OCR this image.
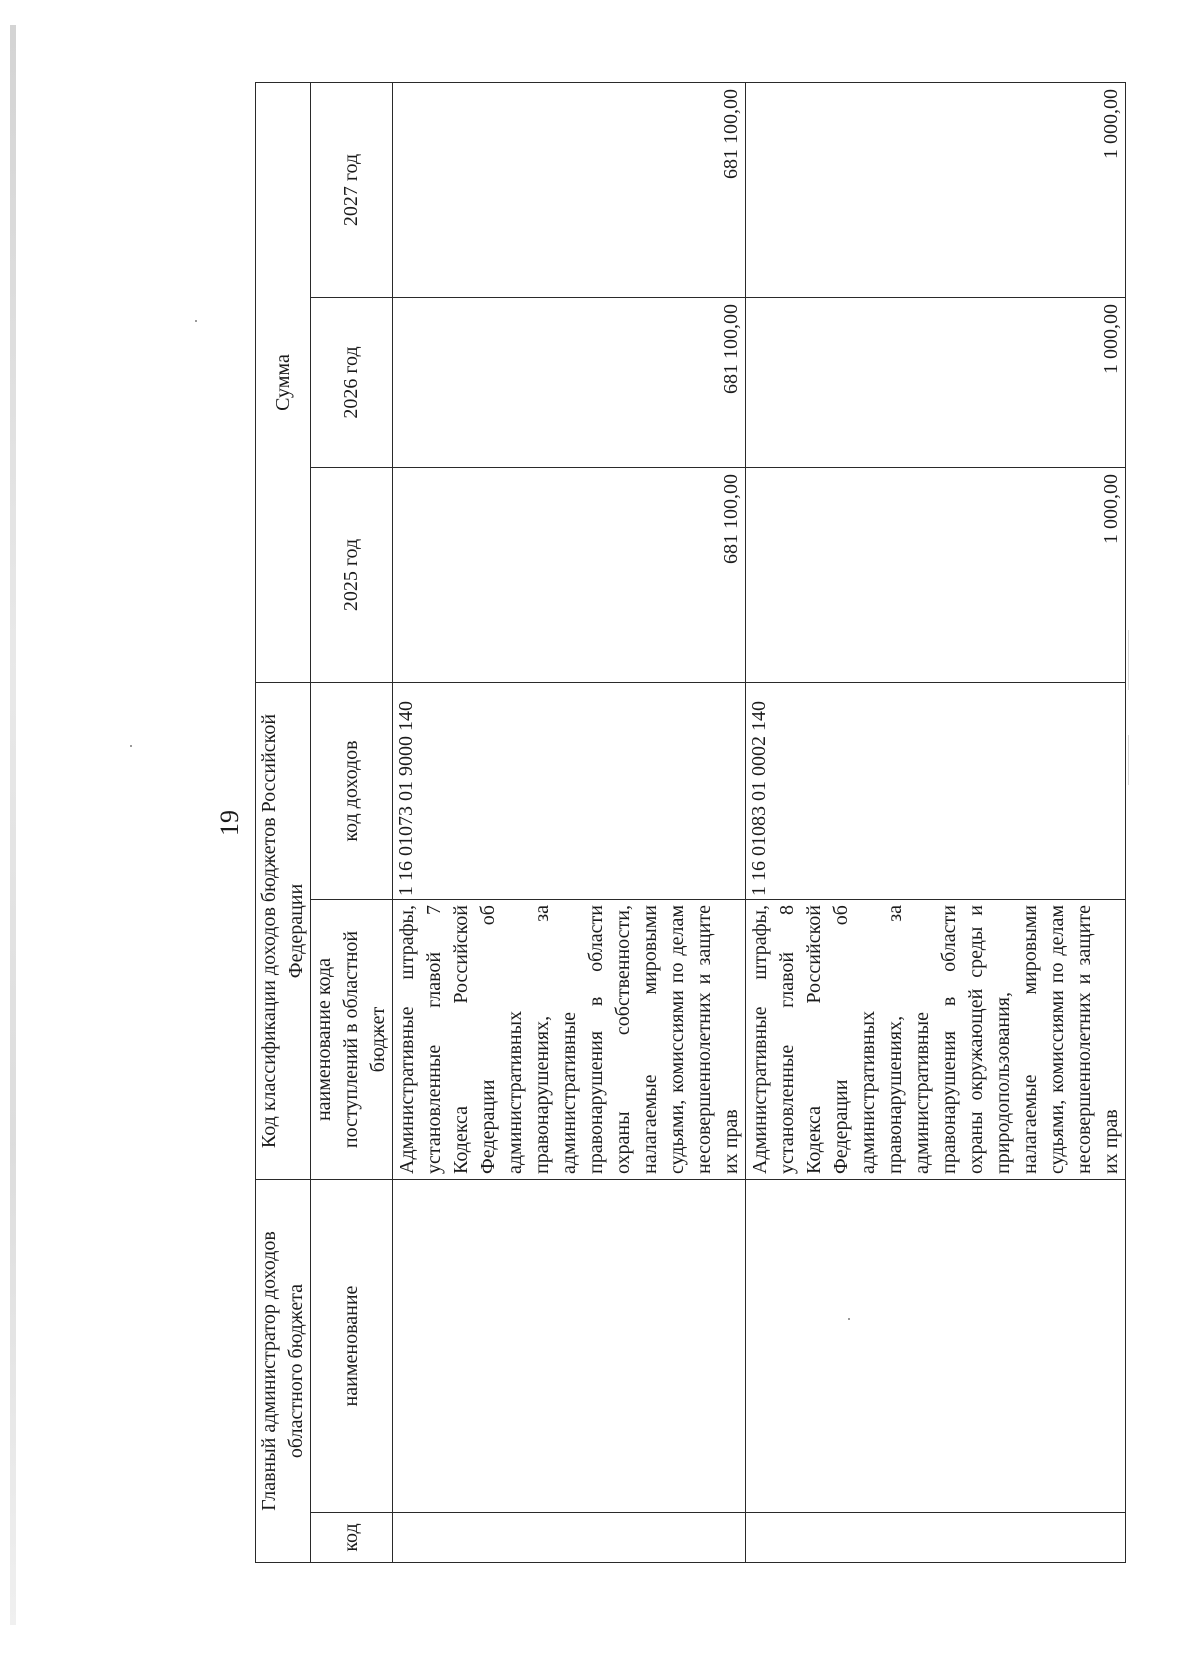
19
Главный администратор доходов областного бюджета		Код классификации доходов бюджетов Российской Федерации		Сумма		
код	наименование	наименование кода поступлений в областной бюджет	код доходов	2025 год	2026 год	2027 год
		Административные штрафы, установленные главой 7 Кодекса Российской Федерации об административных правонарушениях, за административные правонарушения в области охраны собственности, налагаемые мировыми судьями, комиссиями по делам несовершеннолетних и защите их прав	1 16 01073 01 9000 140	681 100,00	681 100,00	681 100,00
		Административные штрафы, установленные главой 8 Кодекса Российской Федерации об административных правонарушениях, за административные правонарушения в области охраны окружающей среды и природопользования, налагаемые мировыми судьями, комиссиями по делам несовершеннолетних и защите их прав	1 16 01083 01 0002 140	1 000,00	1 000,00	1 000,00
